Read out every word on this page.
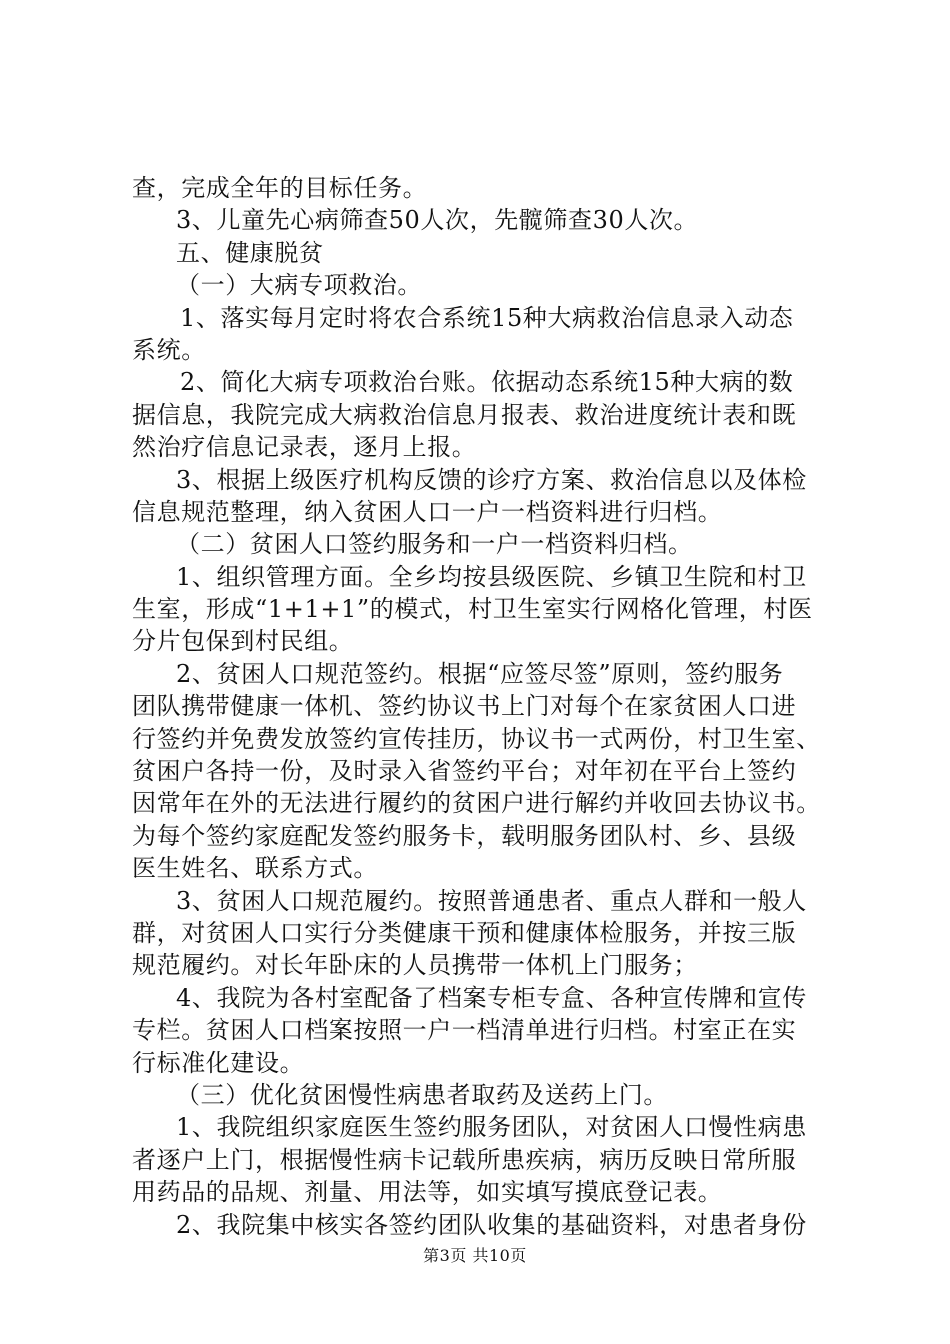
查，完成全年的目标任务。
3、儿童先心病筛查50人次，先髋筛查30人次。
五、健康脱贫
（一）大病专项救治。
1、落实每月定时将农合系统15种大病救治信息录入动态
系统。
2、简化大病专项救治台账。依据动态系统15种大病的数
据信息，我院完成大病救治信息月报表、救治进度统计表和既
然治疗信息记录表，逐月上报。
3、根据上级医疗机构反馈的诊疗方案、救治信息以及体检
信息规范整理，纳入贫困人口一户一档资料进行归档。
（二）贫困人口签约服务和一户一档资料归档。
1、组织管理方面。全乡均按县级医院、乡镇卫生院和村卫
生室，形成“1+1+1”的模式，村卫生室实行网格化管理，村医
分片包保到村民组。
2、贫困人口规范签约。根据“应签尽签”原则，签约服务
团队携带健康一体机、签约协议书上门对每个在家贫困人口进
行签约并免费发放签约宣传挂历，协议书一式两份，村卫生室、
贫困户各持一份，及时录入省签约平台；对年初在平台上签约
因常年在外的无法进行履约的贫困户进行解约并收回去协议书。
为每个签约家庭配发签约服务卡，载明服务团队村、乡、县级
医生姓名、联系方式。
3、贫困人口规范履约。按照普通患者、重点人群和一般人
群，对贫困人口实行分类健康干预和健康体检服务，并按三版
规范履约。对长年卧床的人员携带一体机上门服务；
4、我院为各村室配备了档案专柜专盒、各种宣传牌和宣传
专栏。贫困人口档案按照一户一档清单进行归档。村室正在实
行标准化建设。
（三）优化贫困慢性病患者取药及送药上门。
1、我院组织家庭医生签约服务团队，对贫困人口慢性病患
者逐户上门，根据慢性病卡记载所患疾病，病历反映日常所服
用药品的品规、剂量、用法等，如实填写摸底登记表。
2、我院集中核实各签约团队收集的基础资料，对患者身份
第3页 共10页
